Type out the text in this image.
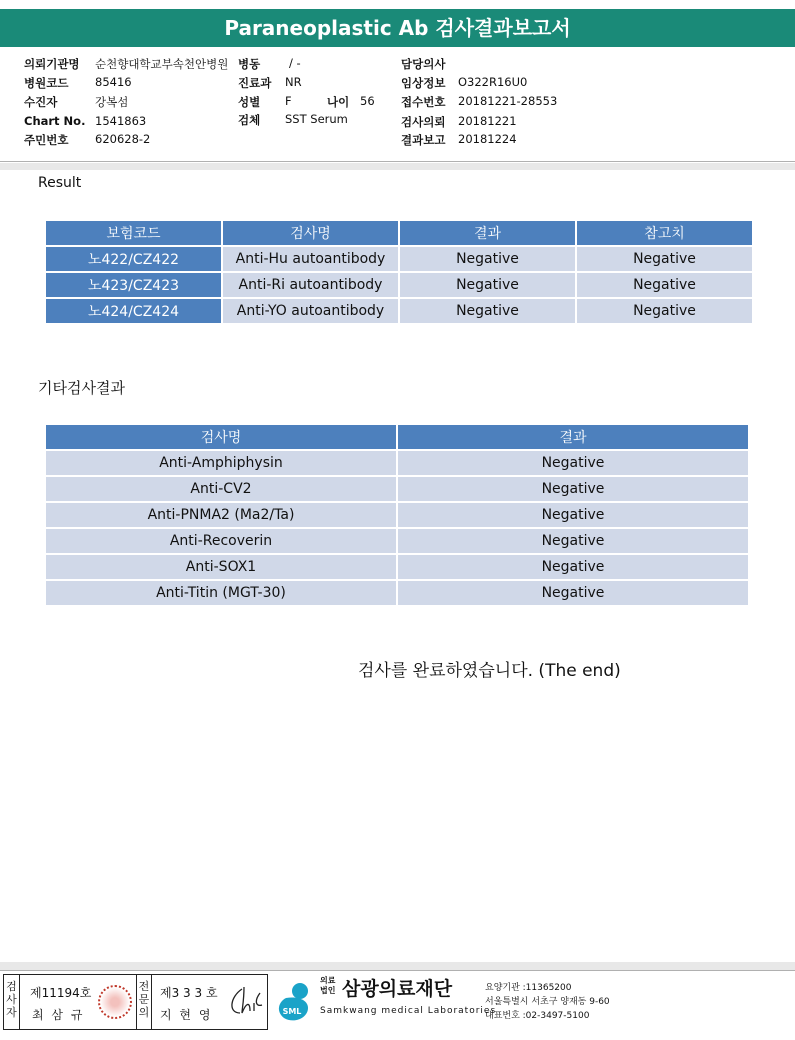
Paraneoplastic Ab 검사결과보고서
의뢰기관명 순천향대학교부속천안병원 병동	/ -	담당의사
병원코드 85416	진료과 NR	임상정보 O322R16U0
수진자	강복섬	성별 F	나이 56 접수번호 20181221-28553
Chart No. 1541863	검체 SST Serum	검사의뢰 20181221
주민번호 620628-2	결과보고 20181224
Result
보험코드	검사명	결과	참고치
노422/CZ422	Anti-Hu autoantibody	Negative	Negative
노423/CZ423	Anti-Ri autoantibody	Negative	Negative
노424/CZ424	Anti-YO autoantibody	Negative	Negative
기타검사결과
검사명	결과
Anti-Amphiphysin	Negative
Anti-CV2	Negative
Anti-PNMA2 (Ma2/Ta)	Negative
Anti-Recoverin	Negative
Anti-SOX1	Negative
Anti-Titin (MGT-30)	Negative
검사를 완료하였습니다. (The end)
검사자
제11194호
최 삼 규
전문의
제3 3 3 호
지 현 영	SML
의료법인 삼광의료재단
Samkwang medical Laboratories
요양기관 :11365200
서울특별시 서초구 양재동 9-60
대표번호 :02-3497-5100
